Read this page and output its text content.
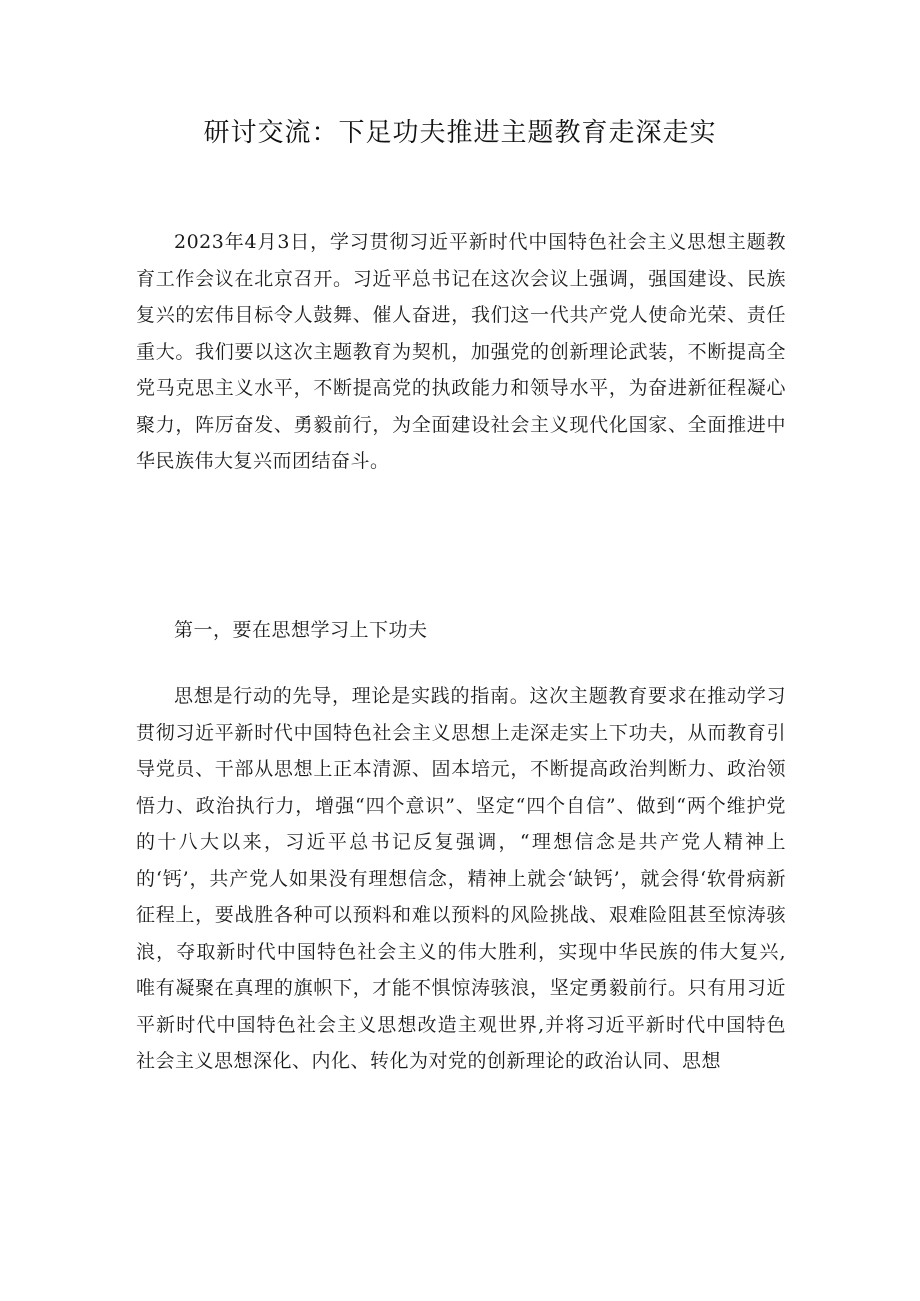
研讨交流：下足功夫推进主题教育走深走实

2023年4月3日，学习贯彻习近平新时代中国特色社会主义思想主题教育工作会议在北京召开。习近平总书记在这次会议上强调，强国建设、民族复兴的宏伟目标令人鼓舞、催人奋进，我们这一代共产党人使命光荣、责任重大。我们要以这次主题教育为契机，加强党的创新理论武装，不断提高全党马克思主义水平，不断提高党的执政能力和领导水平，为奋进新征程凝心聚力，阵厉奋发、勇毅前行，为全面建设社会主义现代化国家、全面推进中华民族伟大复兴而团结奋斗。

第一，要在思想学习上下功夫

思想是行动的先导，理论是实践的指南。这次主题教育要求在推动学习贯彻习近平新时代中国特色社会主义思想上走深走实上下功夫，从而教育引导党员、干部从思想上正本清源、固本培元，不断提高政治判断力、政治领悟力、政治执行力，增强“四个意识”、坚定“四个自信”、做到“两个维护党的十八大以来，习近平总书记反复强调，“理想信念是共产党人精神上的‘钙’，共产党人如果没有理想信念，精神上就会‘缺钙’，就会得‘软骨病新征程上，要战胜各种可以预料和难以预料的风险挑战、艰难险阻甚至惊涛骇浪，夺取新时代中国特色社会主义的伟大胜利，实现中华民族的伟大复兴,唯有凝聚在真理的旗帜下，才能不惧惊涛骇浪，坚定勇毅前行。只有用习近平新时代中国特色社会主义思想改造主观世界,并将习近平新时代中国特色社会主义思想深化、内化、转化为对党的创新理论的政治认同、思想
